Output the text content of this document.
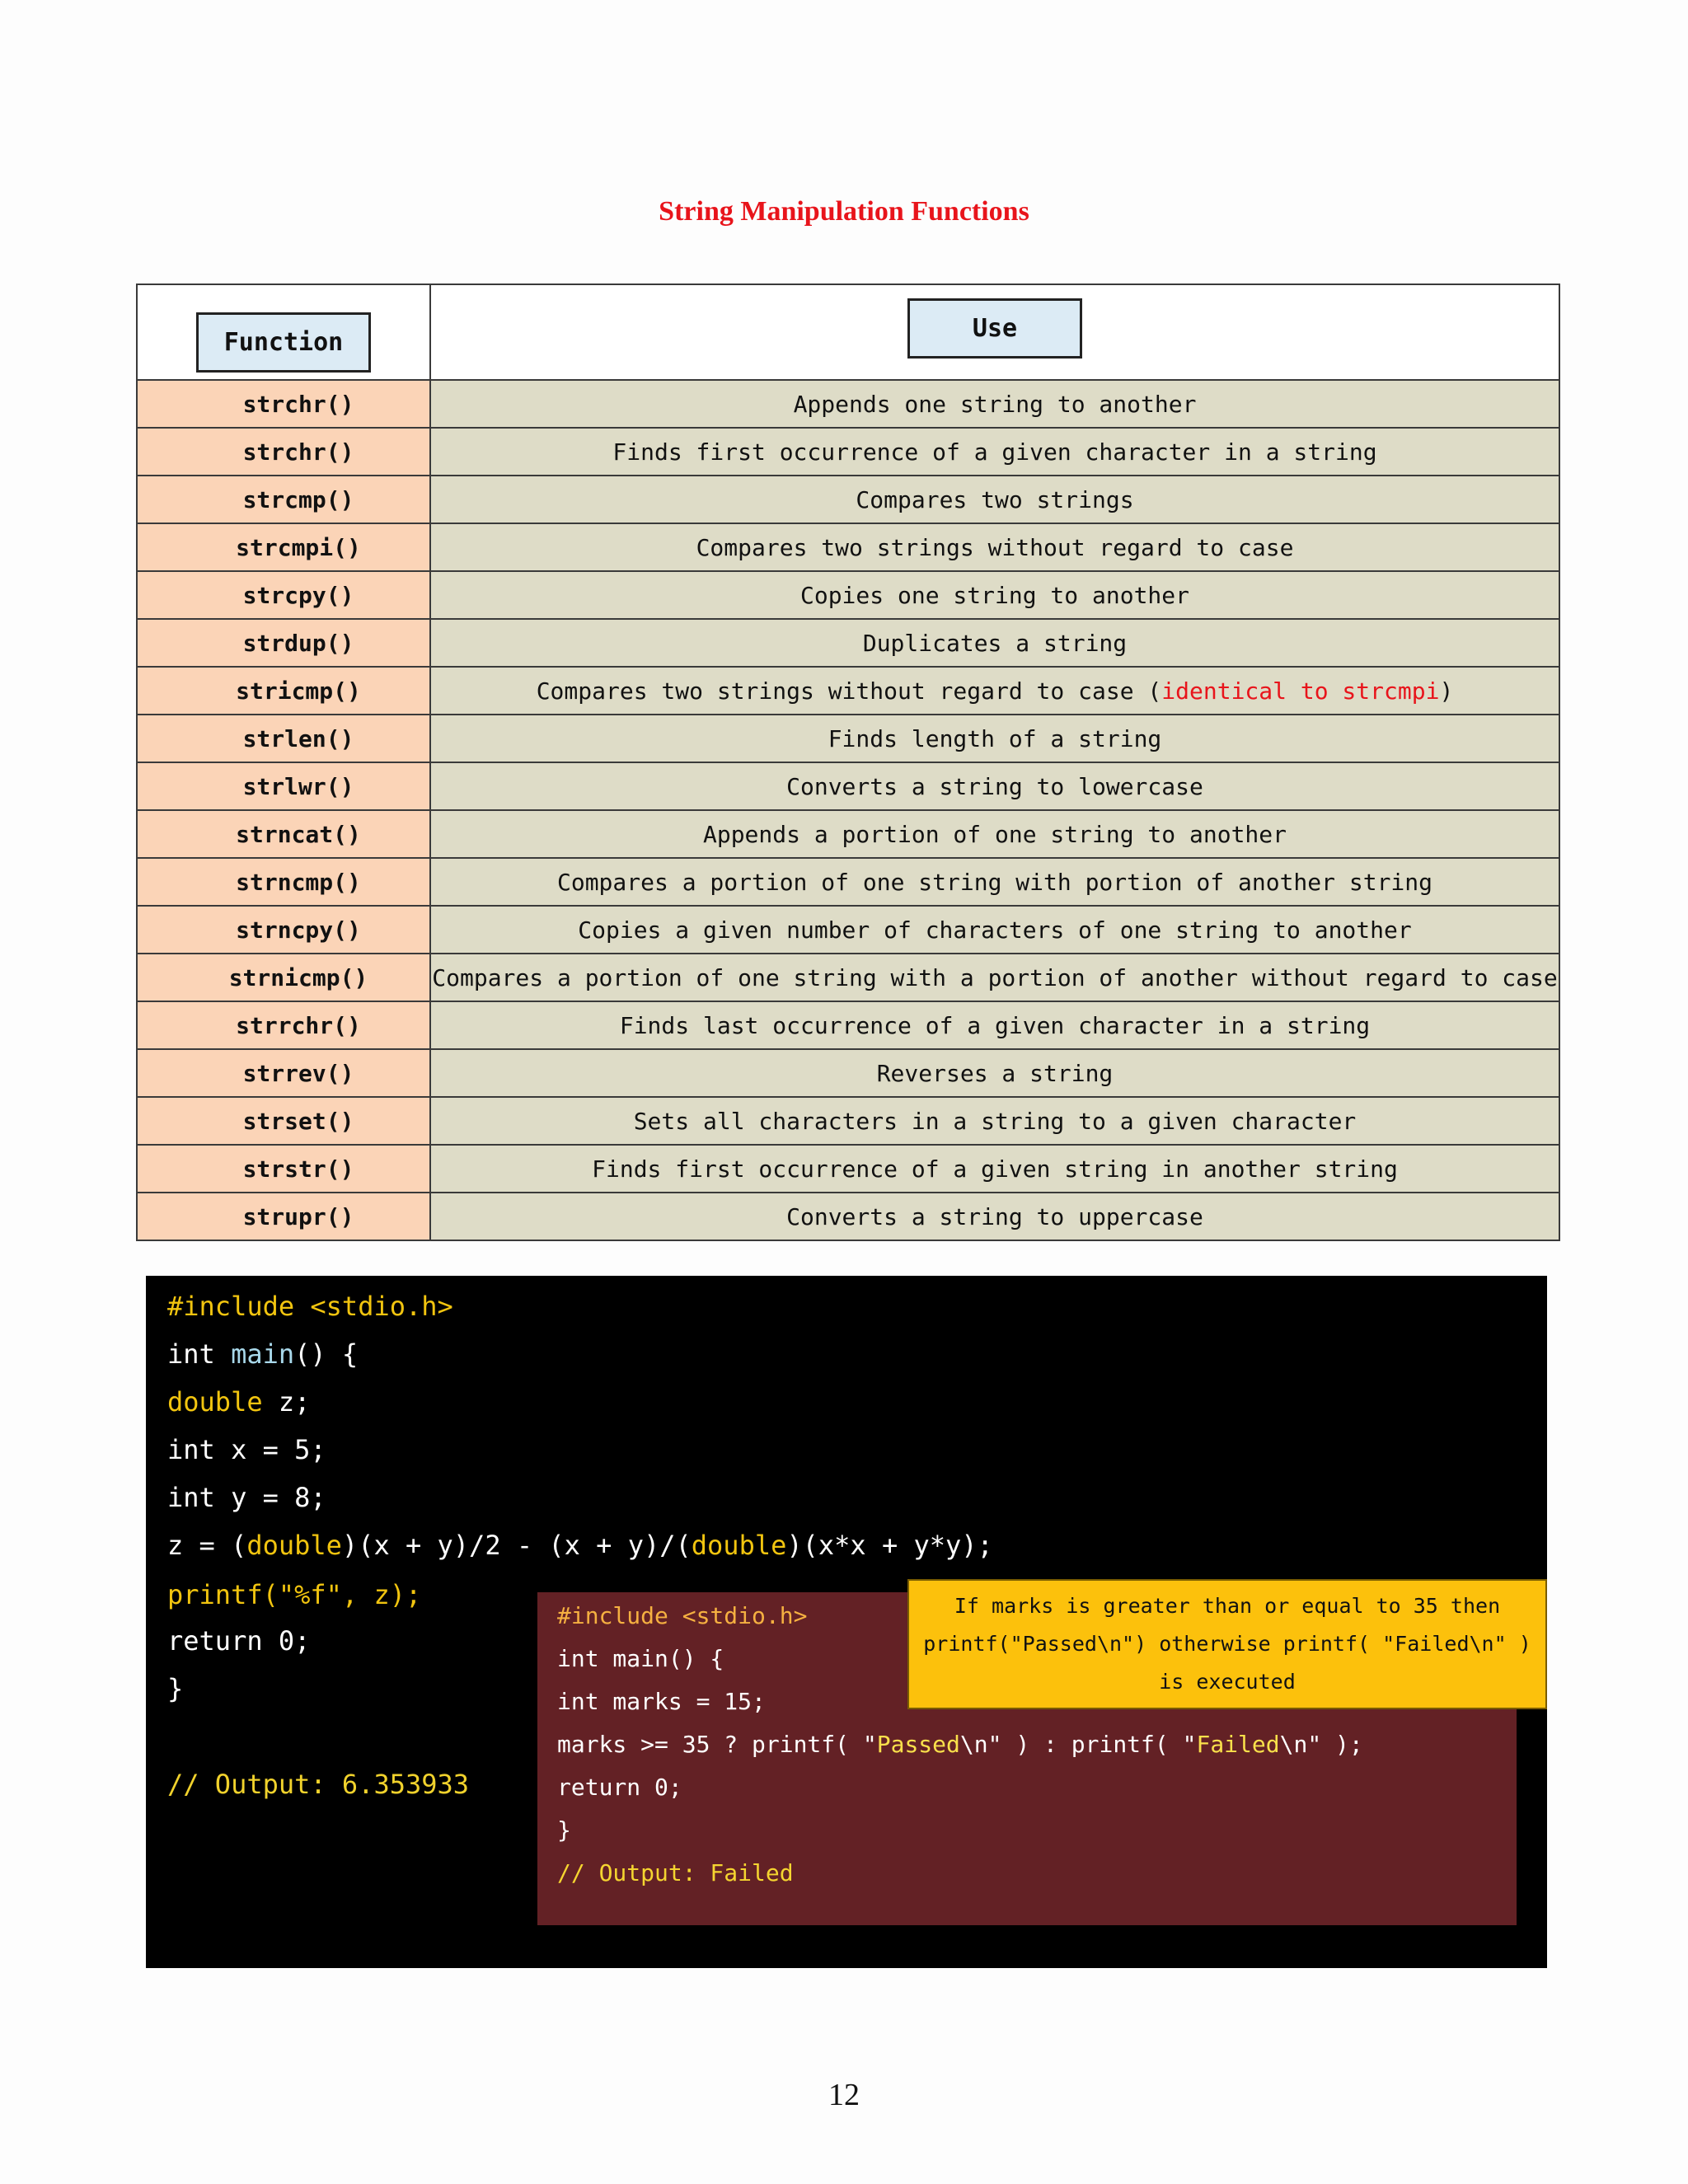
String Manipulation Functions
Function	Use
strchr()	Appends one string to another
strchr()	Finds first occurrence of a given character in a string
strcmp()	Compares two strings
strcmpi()	Compares two strings without regard to case
strcpy()	Copies one string to another
strdup()	Duplicates a string
stricmp()	Compares two strings without regard to case (identical to strcmpi)
strlen()	Finds length of a string
strlwr()	Converts a string to lowercase
strncat()	Appends a portion of one string to another
strncmp()	Compares a portion of one string with portion of another string
strncpy()	Copies a given number of characters of one string to another
strnicmp()	Compares a portion of one string with a portion of another without regard to case
strrchr()	Finds last occurrence of a given character in a string
strrev()	Reverses a string
strset()	Sets all characters in a string to a given character
strstr()	Finds first occurrence of a given string in another string
strupr()	Converts a string to uppercase
#include <stdio.h>
int main() {
double z;
int x = 5;
int y = 8;
z = (double)(x + y)/2 - (x + y)/(double)(x*x + y*y);
printf("%f", z);
return 0;
}
// Output: 6.353933
#include <stdio.h>
int main() {
int marks = 15;
marks >= 35 ? printf( "Passed\n" ) : printf( "Failed\n" );
return 0;
}
// Output: Failed
If marks is greater than or equal to 35 then
printf("Passed\n") otherwise printf( "Failed\n" )
is executed
12
